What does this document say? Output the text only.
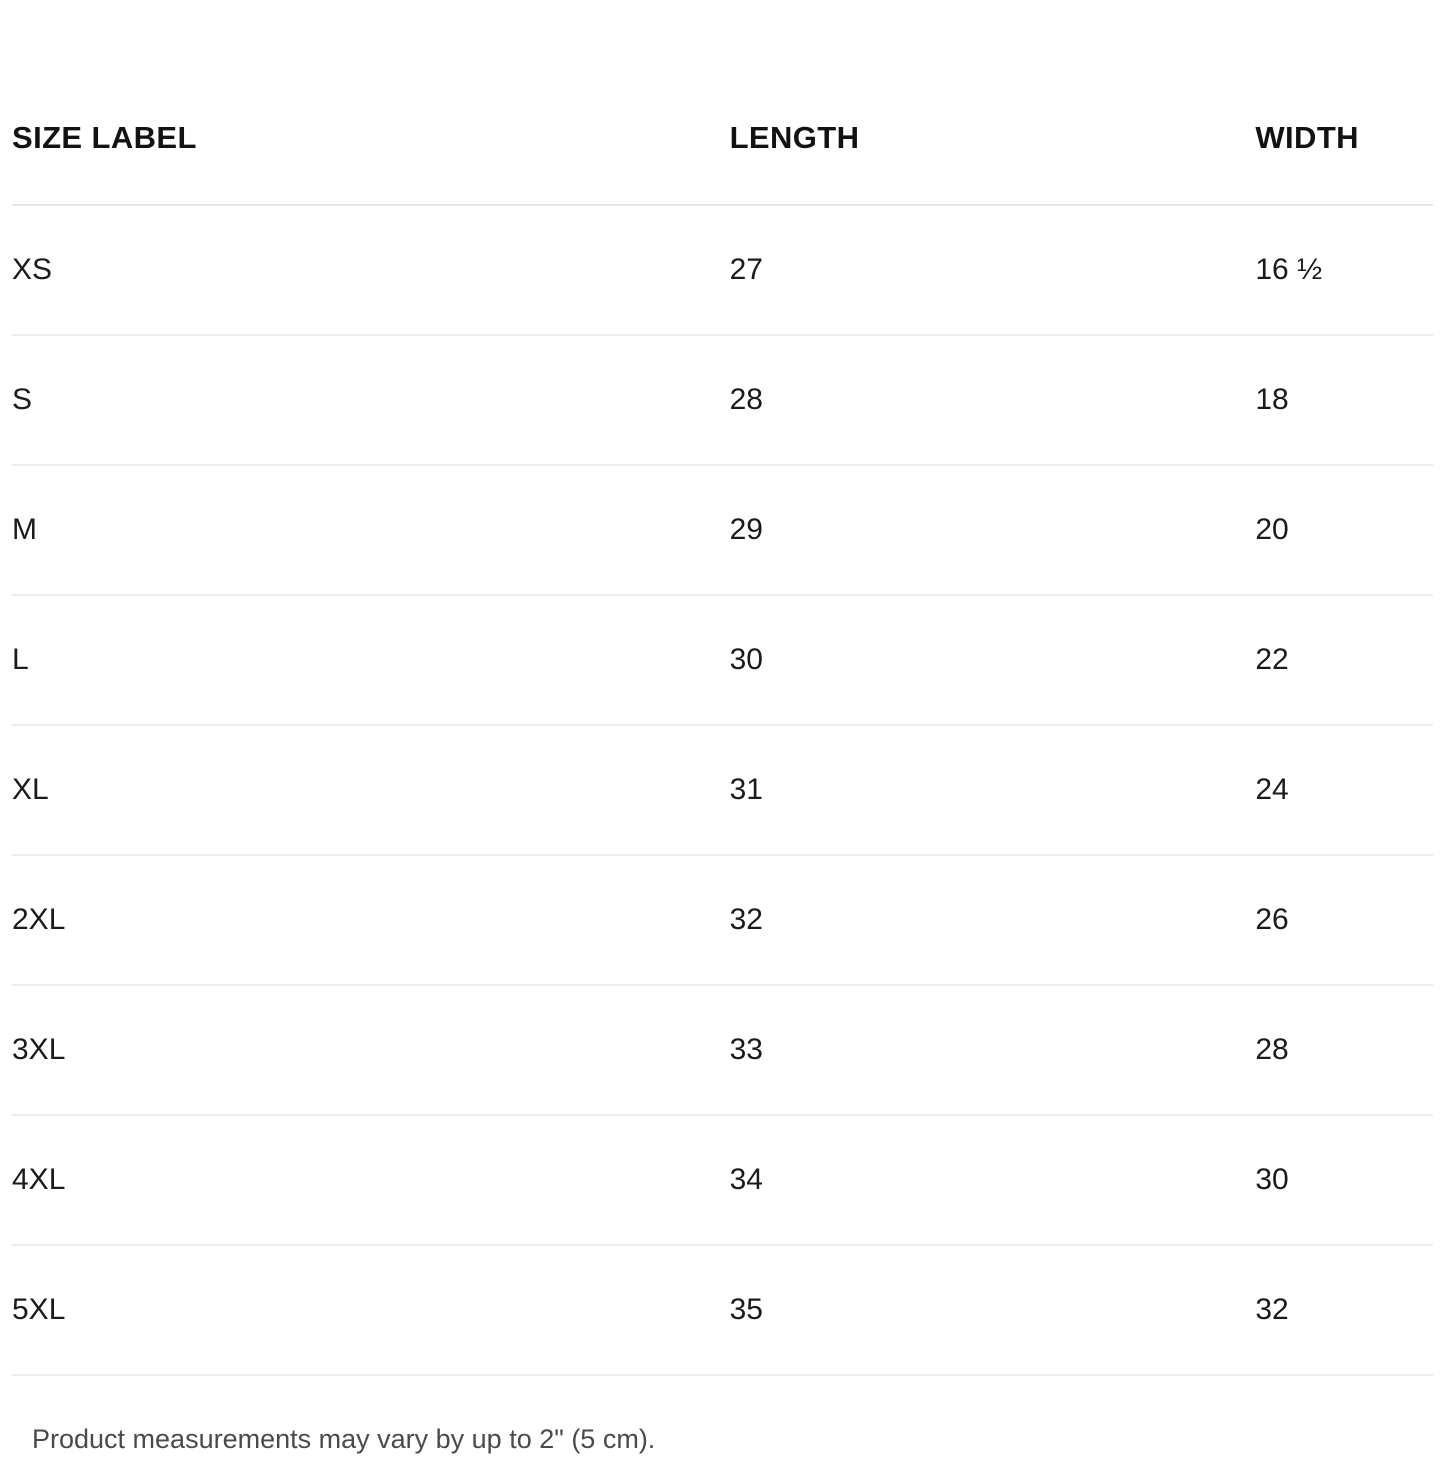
SIZE LABEL	LENGTH	WIDTH
XS	27	16 ½
S	28	18
M	29	20
L	30	22
XL	31	24
2XL	32	26
3XL	33	28
4XL	34	30
5XL	35	32
Product measurements may vary by up to 2" (5 cm).
